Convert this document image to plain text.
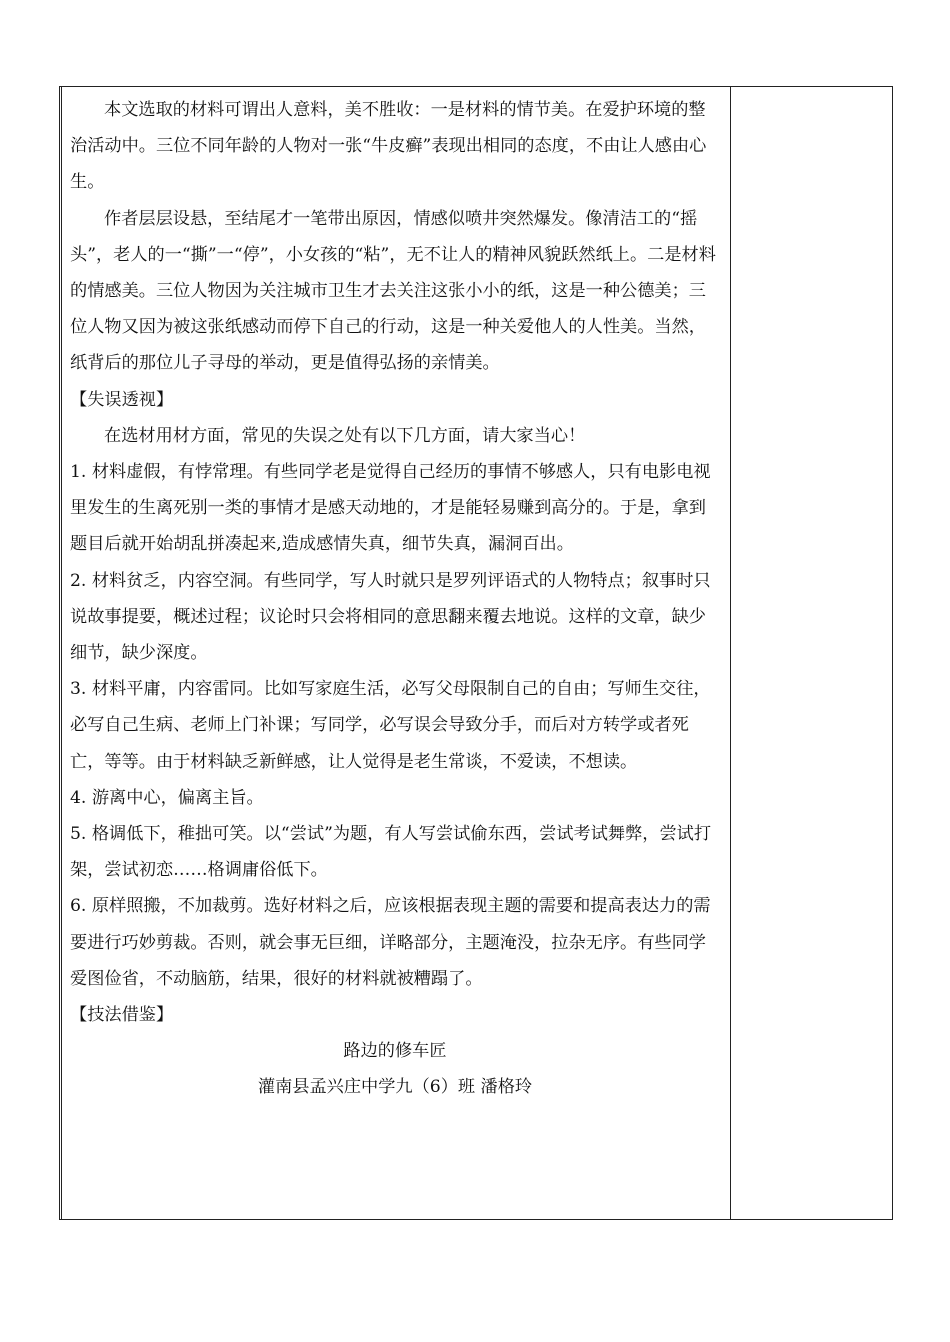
本文选取的材料可谓出人意料，美不胜收：一是材料的情节美。在爱护环境的整治活动中。三位不同年龄的人物对一张“牛皮癣”表现出相同的态度，不由让人感由心生。

作者层层设悬，至结尾才一笔带出原因，情感似喷井突然爆发。像清洁工的“摇头”，老人的一“撕”一“停”，小女孩的“粘”，无不让人的精神风貌跃然纸上。二是材料的情感美。三位人物因为关注城市卫生才去关注这张小小的纸，这是一种公德美；三位人物又因为被这张纸感动而停下自己的行动，这是一种关爱他人的人性美。当然，纸背后的那位儿子寻母的举动，更是值得弘扬的亲情美。

【失误透视】

在选材用材方面，常见的失误之处有以下几方面，请大家当心！

1. 材料虚假，有悖常理。有些同学老是觉得自己经历的事情不够感人，只有电影电视里发生的生离死别一类的事情才是感天动地的，才是能轻易赚到高分的。于是，拿到题目后就开始胡乱拼凑起来,造成感情失真，细节失真，漏洞百出。

2. 材料贫乏，内容空洞。有些同学，写人时就只是罗列评语式的人物特点；叙事时只说故事提要，概述过程；议论时只会将相同的意思翻来覆去地说。这样的文章，缺少细节，缺少深度。

3. 材料平庸，内容雷同。比如写家庭生活，必写父母限制自己的自由；写师生交往，必写自己生病、老师上门补课；写同学，必写误会导致分手，而后对方转学或者死亡，等等。由于材料缺乏新鲜感，让人觉得是老生常谈，不爱读，不想读。

4. 游离中心，偏离主旨。

5. 格调低下，稚拙可笑。以“尝试”为题，有人写尝试偷东西，尝试考试舞弊，尝试打架，尝试初恋……格调庸俗低下。

6. 原样照搬，不加裁剪。选好材料之后，应该根据表现主题的需要和提高表达力的需要进行巧妙剪裁。否则，就会事无巨细，详略部分，主题淹没，拉杂无序。有些同学爱图俭省，不动脑筋，结果，很好的材料就被糟蹋了。

【技法借鉴】

路边的修车匠

灌南县孟兴庄中学九（6）班 潘格玲
